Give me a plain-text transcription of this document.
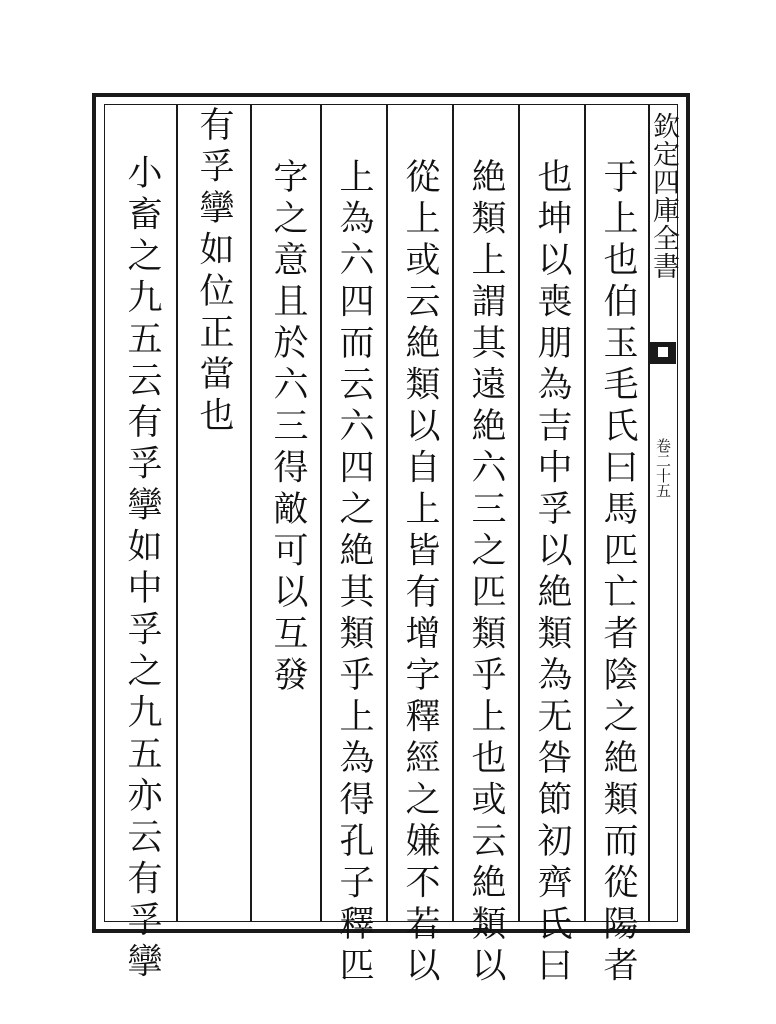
欽定四庫全書
卷二十五
于上也伯玉毛氏曰馬匹亡者陰之絶類而從陽者
也坤以喪朋為吉中孚以絶類為无咎節初齊氏曰
絶類上謂其遠絶六三之匹類乎上也或云絶類以
從上或云絶類以自上皆有增字釋經之嫌不若以
上為六四而云六四之絶其類乎上為得孔子釋匹
字之意且於六三得敵可以互發
有孚攣如位正當也
小畜之九五云有孚攣如中孚之九五亦云有孚攣
